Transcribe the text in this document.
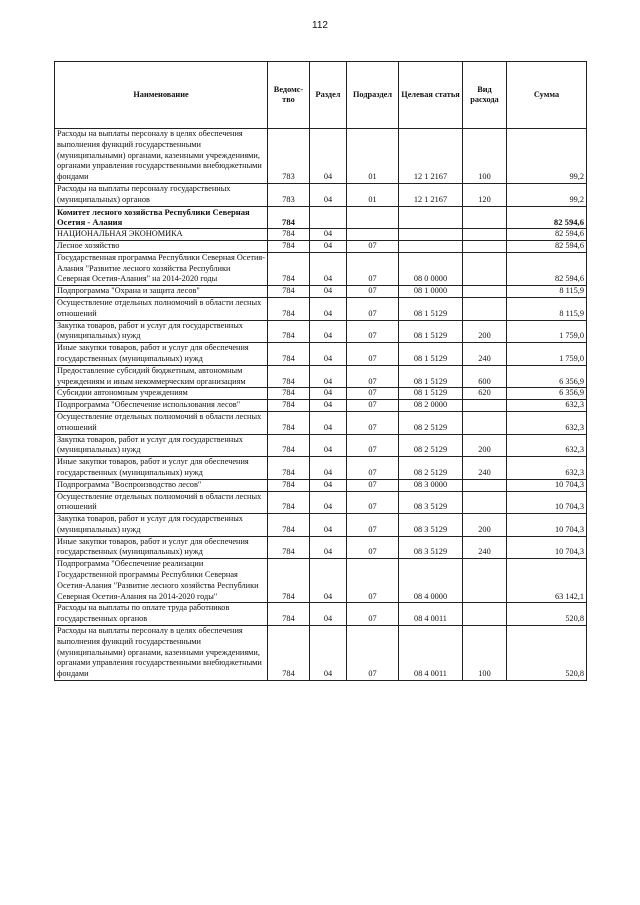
112
Наименование	Ведомс-тво	Раздел	Подраздел	Целевая статья	Вид расхода	Сумма
Расходы на выплаты персоналу в целях обеспечения выполнения функций государственными (муниципальными) органами, казенными учреждениями, органами управления государственными внебюджетными фондами	783	04	01	12 1 2167	100	99,2
Расходы на выплаты персоналу государственных (муниципальных) органов	783	04	01	12 1 2167	120	99,2
Комитет лесного хозяйства Республики Северная Осетия - Алания	784					82 594,6
НАЦИОНАЛЬНАЯ ЭКОНОМИКА	784	04				82 594,6
Лесное хозяйство	784	04	07			82 594,6
Государственная программа Республики Северная Осетия-Алания "Развитие лесного хозяйства Республики Северная Осетия-Алания" на 2014-2020 годы	784	04	07	08 0 0000		82 594,6
Подпрограмма "Охрана и защита лесов"	784	04	07	08 1 0000		8 115,9
Осуществление отдельных полномочий в области лесных отношений	784	04	07	08 1 5129		8 115,9
Закупка товаров, работ и услуг для государственных (муниципальных) нужд	784	04	07	08 1 5129	200	1 759,0
Иные закупки товаров, работ и услуг для обеспечения государственных (муниципальных) нужд	784	04	07	08 1 5129	240	1 759,0
Предоставление субсидий бюджетным, автономным учреждениям и иным некоммерческим организациям	784	04	07	08 1 5129	600	6 356,9
Субсидии автономным учреждениям	784	04	07	08 1 5129	620	6 356,9
Подпрограмма "Обеспечение использования лесов"	784	04	07	08 2 0000		632,3
Осуществление отдельных полномочий в области лесных отношений	784	04	07	08 2 5129		632,3
Закупка товаров, работ и услуг для государственных (муниципальных) нужд	784	04	07	08 2 5129	200	632,3
Иные закупки товаров, работ и услуг для обеспечения государственных (муниципальных) нужд	784	04	07	08 2 5129	240	632,3
Подпрограмма "Воспроизводство лесов"	784	04	07	08 3 0000		10 704,3
Осуществление отдельных полномочий в области лесных отношений	784	04	07	08 3 5129		10 704,3
Закупка товаров, работ и услуг для государственных (муниципальных) нужд	784	04	07	08 3 5129	200	10 704,3
Иные закупки товаров, работ и услуг для обеспечения государственных (муниципальных) нужд	784	04	07	08 3 5129	240	10 704,3
Подпрограмма "Обеспечение реализации Государственной программы Республики Северная Осетия-Алания "Развитие лесного хозяйства Республики Северная Осетия-Алания на 2014-2020 годы"	784	04	07	08 4 0000		63 142,1
Расходы на выплаты по оплате труда работников государственных органов	784	04	07	08 4 0011		520,8
Расходы на выплаты персоналу в целях обеспечения выполнения функций государственными (муниципальными) органами, казенными учреждениями, органами управления государственными внебюджетными фондами	784	04	07	08 4 0011	100	520,8
